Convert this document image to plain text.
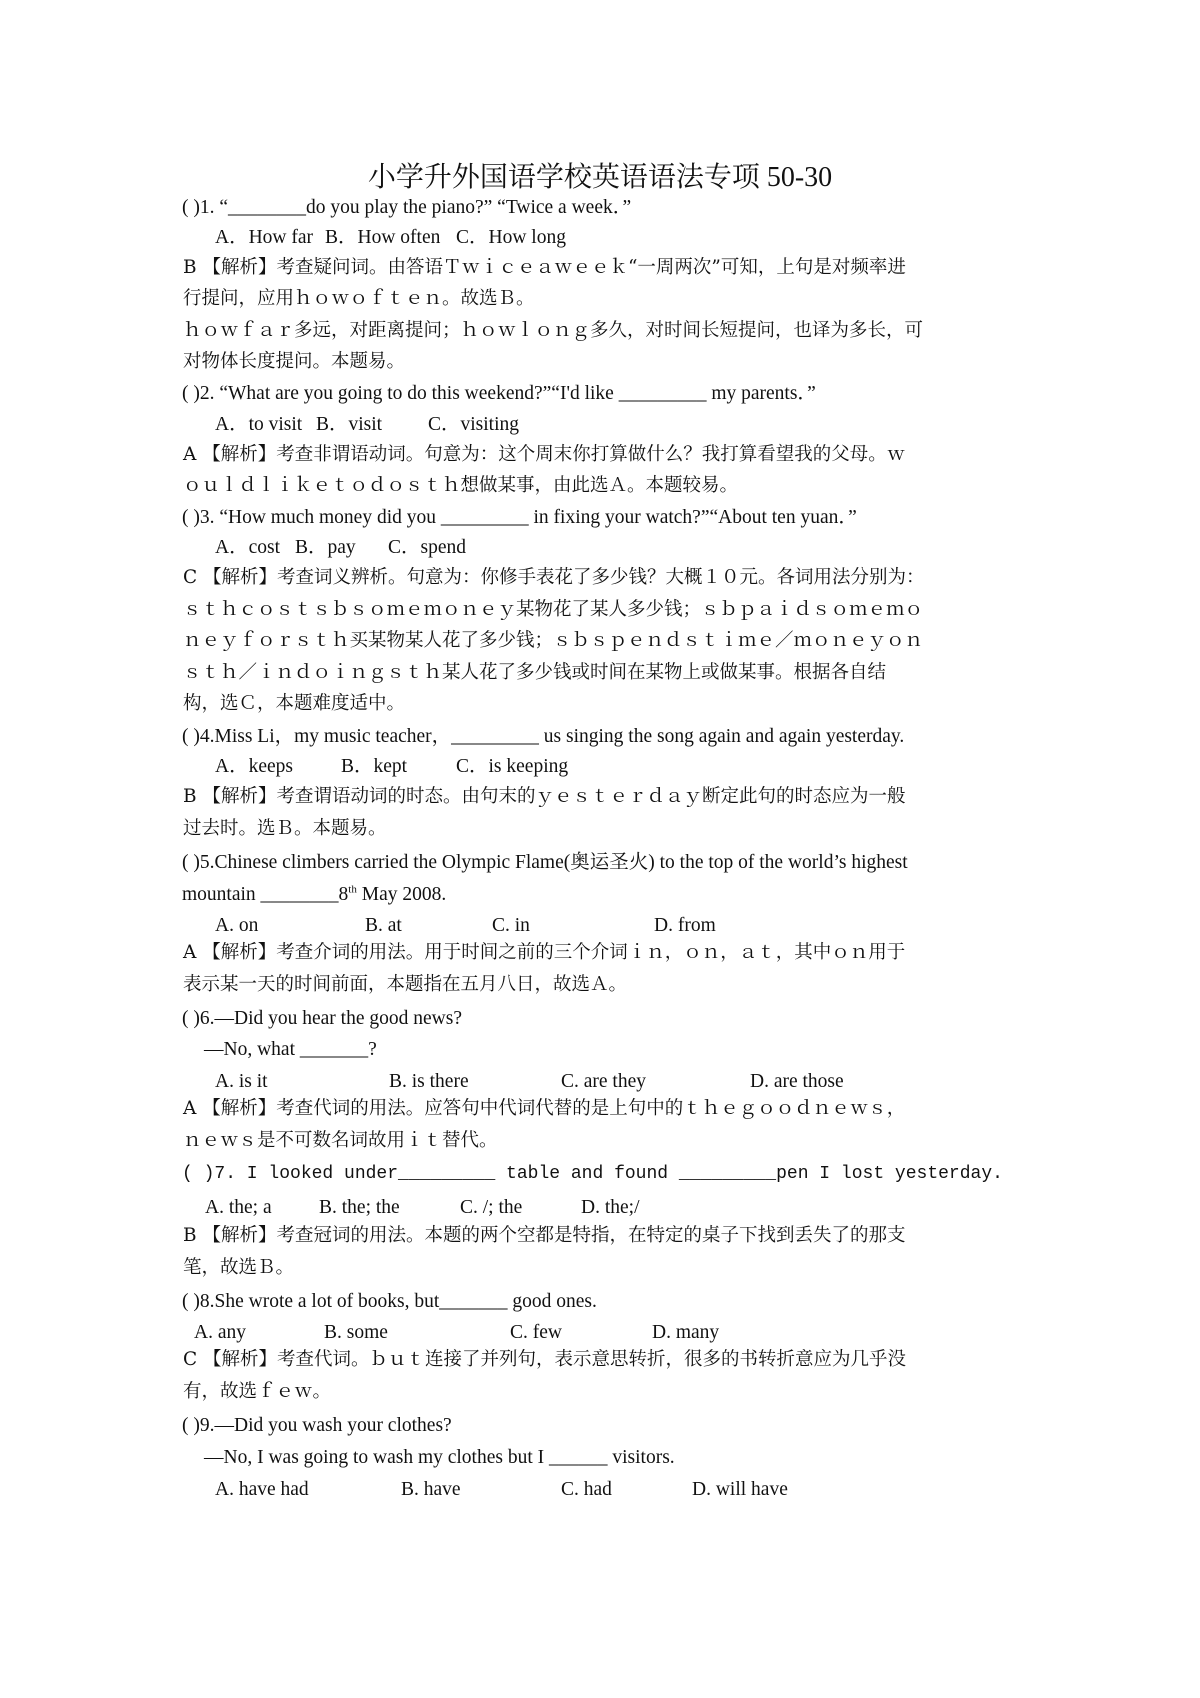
小学升外国语学校英语语法专项 50-30
( )1. “________do you play the piano?” “Twice a week．”
A．How far B．How often C．How long
B 【解析】考查疑问词。由答语Ｔｗｉｃｅａｗｅｅｋ“一周两次”可知，上句是对频率进
行提问，应用ｈｏｗｏｆｔｅｎ。故选Ｂ。
ｈｏｗｆａｒ多远，对距离提问；ｈｏｗｌｏｎｇ多久，对时间长短提问，也译为多长，可
对物体长度提问。本题易。
( )2. “What are you going to do this weekend?”“I'd like _________ my parents．”
A．to visit B．visit C．visiting
A 【解析】考查非谓语动词。句意为：这个周末你打算做什么？我打算看望我的父母。ｗ
ｏｕｌｄｌｉｋｅｔｏｄｏｓｔｈ想做某事，由此选Ａ。本题较易。
( )3. “How much money did you _________ in fixing your watch?”“About ten yuan．”
A．cost B．pay C．spend
C 【解析】考查词义辨析。句意为：你修手表花了多少钱？大概１０元。各词用法分别为：
ｓｔｈｃｏｓｔｓｂｓｏｍｅｍｏｎｅｙ某物花了某人多少钱；ｓｂｐａｉｄｓｏｍｅｍｏ
ｎｅｙｆｏｒｓｔｈ买某物某人花了多少钱；ｓｂｓｐｅｎｄｓｔｉｍｅ／ｍｏｎｅｙｏｎ
ｓｔｈ／ｉｎｄｏｉｎｇｓｔｈ某人花了多少钱或时间在某物上或做某事。根据各自结
构，选Ｃ，本题难度适中。
( )4.Miss Li，my music teacher，_________ us singing the song again and again yesterday.
A．keeps B．kept	C．is keeping
B 【解析】考查谓语动词的时态。由句末的ｙｅｓｔｅｒｄａｙ断定此句的时态应为一般
过去时。选Ｂ。本题易。
( )5.Chinese climbers carried the Olympic Flame(奥运圣火) to the top of the world’s highest
mountain ________8th May 2008.
A. on	B. at	C. in	D. from
A 【解析】考查介词的用法。用于时间之前的三个介词ｉｎ，ｏｎ，ａｔ，其中ｏｎ用于
表示某一天的时间前面，本题指在五月八日，故选Ａ。
( )6.—Did you hear the good news?
—No, what _______?
A. is it	B. is there	C. are they	D. are those
A 【解析】考查代词的用法。应答句中代词代替的是上句中的ｔｈｅｇｏｏｄｎｅｗｓ，
ｎｅｗｓ是不可数名词故用ｉｔ替代。
( )7. I looked under_________ table and found _________pen I lost yesterday.
A. the; a B. the; the	C. /; the	D. the;/
B 【解析】考查冠词的用法。本题的两个空都是特指，在特定的桌子下找到丢失了的那支
笔，故选Ｂ。
( )8.She wrote a lot of books, but_______ good ones.
A. any	B. some	C. few	D. many
C 【解析】考查代词。ｂｕｔ连接了并列句，表示意思转折，很多的书转折意应为几乎没
有，故选ｆｅｗ。
( )9.—Did you wash your clothes?
—No, I was going to wash my clothes but I ______ visitors.
A. have had	B. have	C. had	D. will have
